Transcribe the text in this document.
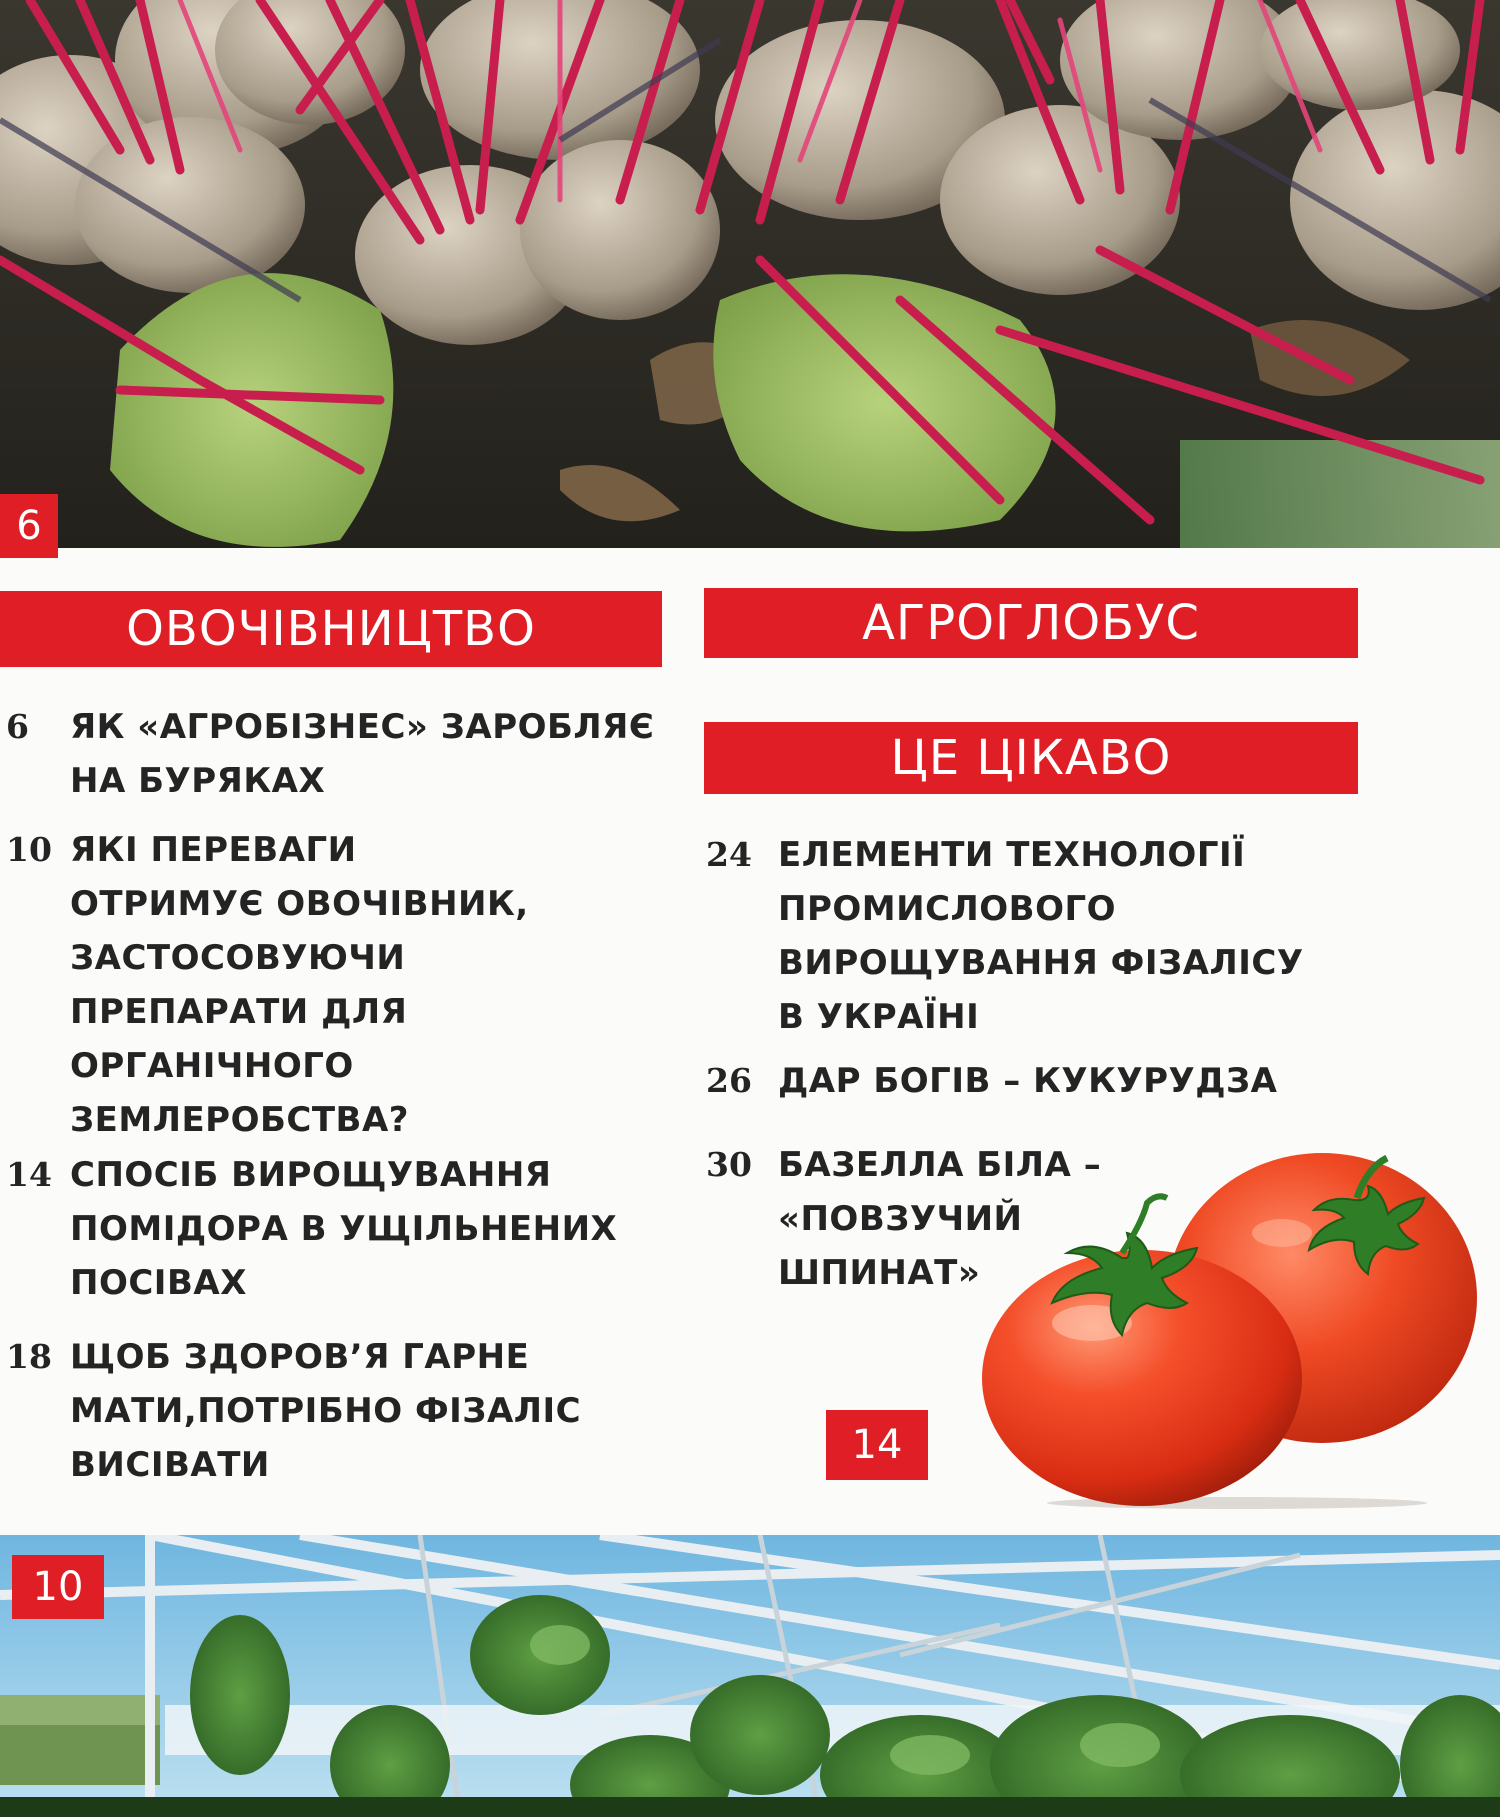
6
ОВОЧІВНИЦТВО	АГРОГЛОБУС
ЦЕ ЦІКАВО
6 ЯК «АГРОБІЗНЕС» ЗАРОБЛЯЄ
НА БУРЯКАХ
10 ЯКІ ПЕРЕВАГИ
ОТРИМУЄ ОВОЧІВНИК,
ЗАСТОСОВУЮЧИ
ПРЕПАРАТИ ДЛЯ
ОРГАНІЧНОГО
ЗЕМЛЕРОБСТВА?
14 СПОСІБ ВИРОЩУВАННЯ
ПОМІДОРА В УЩІЛЬНЕНИХ
ПОСІВАХ
18 ЩОБ ЗДОРОВ’Я ГАРНЕ
МАТИ,ПОТРІБНО ФІЗАЛІС
ВИСІВАТИ
24 ЕЛЕМЕНТИ ТЕХНОЛОГІЇ
ПРОМИСЛОВОГО
ВИРОЩУВАННЯ ФІЗАЛІСУ
В УКРАЇНІ
26 ДАР БОГІВ – КУКУРУДЗА
30 БАЗЕЛЛА БІЛА –
«ПОВЗУЧИЙ
ШПИНАТ»
14
10
